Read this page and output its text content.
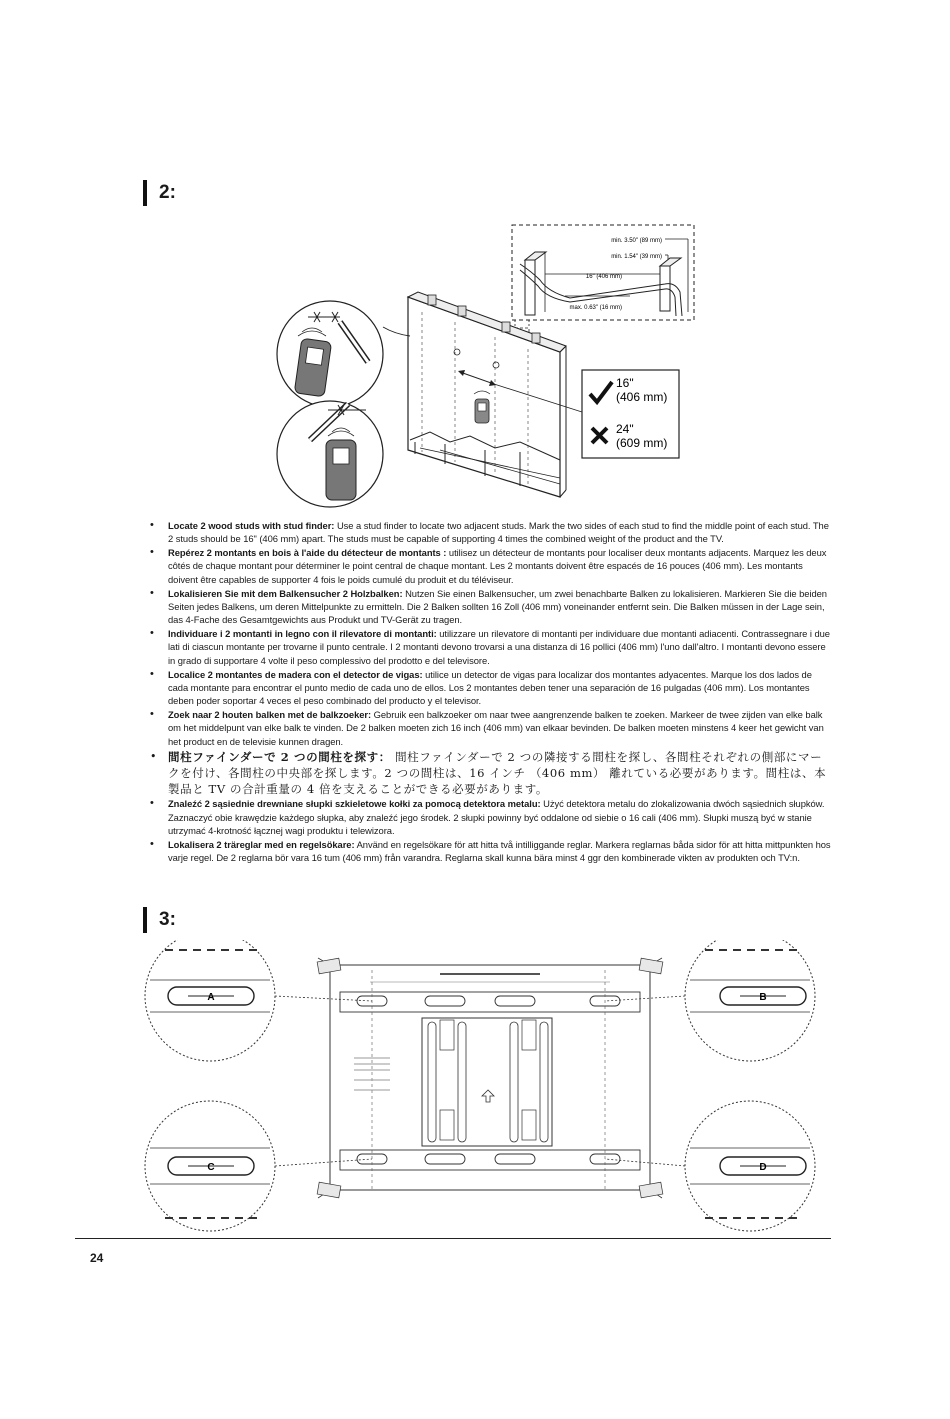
2:
min. 3.50" (89 mm)
min. 1.54" (39 mm)
16" (406 mm)
max. 0.63" (16 mm)
16"
(406 mm)
24"
(609 mm)
• Locate 2 wood studs with stud finder: Use a stud finder to locate two adjacent studs. Mark the two sides of each stud to find the middle point of each stud. The 2 studs should be 16" (406 mm) apart. The studs must be capable of supporting 4 times the combined weight of the product and the TV.
• Repérez 2 montants en bois à l'aide du détecteur de montants : utilisez un détecteur de montants pour localiser deux montants adjacents. Marquez les deux côtés de chaque montant pour déterminer le point central de chaque montant. Les 2 montants doivent être espacés de 16 pouces (406 mm). Les montants doivent être capables de supporter 4 fois le poids cumulé du produit et du téléviseur.
• Lokalisieren Sie mit dem Balkensucher 2 Holzbalken: Nutzen Sie einen Balkensucher, um zwei benachbarte Balken zu lokalisieren. Markieren Sie die beiden Seiten jedes Balkens, um deren Mittelpunkte zu ermitteln. Die 2 Balken sollten 16 Zoll (406 mm) voneinander entfernt sein. Die Balken müssen in der Lage sein, das 4-Fache des Gesamtgewichts aus Produkt und TV-Gerät zu tragen.
• Individuare i 2 montanti in legno con il rilevatore di montanti: utilizzare un rilevatore di montanti per individuare due montanti adiacenti. Contrassegnare i due lati di ciascun montante per trovarne il punto centrale. I 2 montanti devono trovarsi a una distanza di 16 pollici (406 mm) l'uno dall'altro. I montanti devono essere in grado di supportare 4 volte il peso complessivo del prodotto e del televisore.
• Localice 2 montantes de madera con el detector de vigas: utilice un detector de vigas para localizar dos montantes adyacentes. Marque los dos lados de cada montante para encontrar el punto medio de cada uno de ellos. Los 2 montantes deben tener una separación de 16 pulgadas (406 mm). Los montantes deben poder soportar 4 veces el peso combinado del producto y el televisor.
• Zoek naar 2 houten balken met de balkzoeker: Gebruik een balkzoeker om naar twee aangrenzende balken te zoeken. Markeer de twee zijden van elke balk om het middelpunt van elke balk te vinden. De 2 balken moeten zich 16 inch (406 mm) van elkaar bevinden. De balken moeten minstens 4 keer het gewicht van het product en de televisie kunnen dragen.
• 間柱ファインダーで 2 つの間柱を探す： 間柱ファインダーで 2 つの隣接する間柱を探し、各間柱それぞれの側部にマークを付け、各間柱の中央部を探します。2 つの間柱は、16 インチ （406 mm） 離れている必要があります。間柱は、本製品と TV の合計重量の 4 倍を支えることができる必要があります。
• Znaleźć 2 sąsiednie drewniane słupki szkieletowe kołki za pomocą detektora metalu: Użyć detektora metalu do zlokalizowania dwóch sąsiednich słupków. Zaznaczyć obie krawędzie każdego słupka, aby znaleźć jego środek. 2 słupki powinny być oddalone od siebie o 16 cali (406 mm). Słupki muszą być w stanie utrzymać 4-krotność łącznej wagi produktu i telewizora.
• Lokalisera 2 träreglar med en regelsökare: Använd en regelsökare för att hitta två intilliggande reglar. Markera reglarnas båda sidor för att hitta mittpunkten hos varje regel. De 2 reglarna bör vara 16 tum (406 mm) från varandra. Reglarna skall kunna bära minst 4 ggr den kombinerade vikten av produkten och TV:n.
3:
A	B
C	D
24
